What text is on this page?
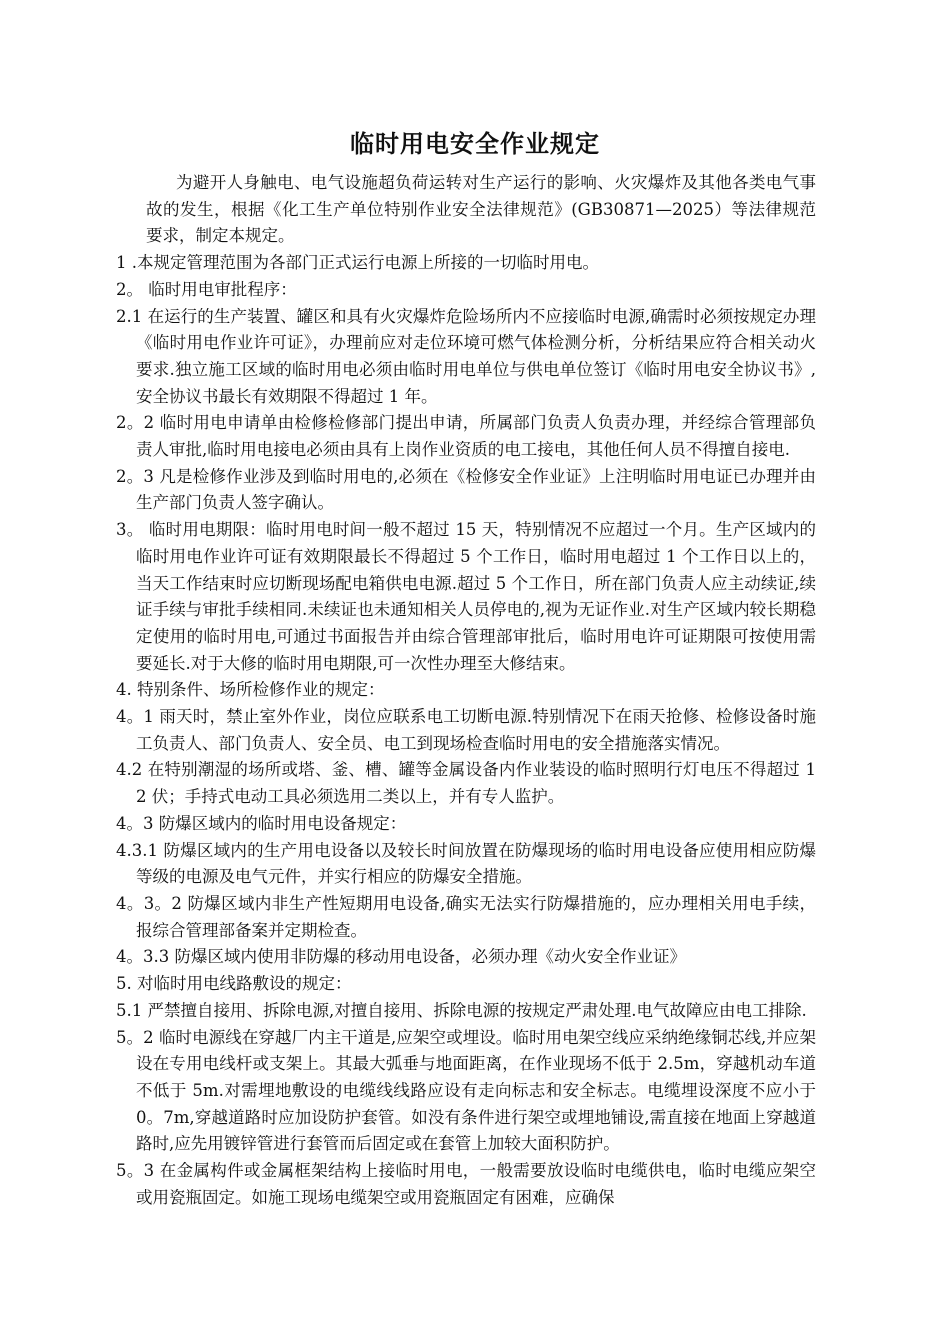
临时用电安全作业规定

为避开人身触电、电气设施超负荷运转对生产运行的影响、火灾爆炸及其他各类电气事故的发生，根据《化工生产单位特别作业安全法律规范》(GB30871—2025）等法律规范要求，制定本规定。

1 .本规定管理范围为各部门正式运行电源上所接的一切临时用电。

2。 临时用电审批程序：

2.1 在运行的生产装置、罐区和具有火灾爆炸危险场所内不应接临时电源,确需时必须按规定办理《临时用电作业许可证》，办理前应对走位环境可燃气体检测分析，分析结果应符合相关动火要求.独立施工区域的临时用电必须由临时用电单位与供电单位签订《临时用电安全协议书》,安全协议书最长有效期限不得超过 1 年。

2。2 临时用电申请单由检修检修部门提出申请，所属部门负责人负责办理，并经综合管理部负责人审批,临时用电接电必须由具有上岗作业资质的电工接电，其他任何人员不得擅自接电.

2。3 凡是检修作业涉及到临时用电的,必须在《检修安全作业证》上注明临时用电证已办理并由生产部门负责人签字确认。

3。 临时用电期限：临时用电时间一般不超过 15 天，特别情况不应超过一个月。生产区域内的临时用电作业许可证有效期限最长不得超过 5 个工作日，临时用电超过 1 个工作日以上的，当天工作结束时应切断现场配电箱供电电源.超过 5 个工作日，所在部门负责人应主动续证,续证手续与审批手续相同.未续证也未通知相关人员停电的,视为无证作业.对生产区域内较长期稳定使用的临时用电,可通过书面报告并由综合管理部审批后，临时用电许可证期限可按使用需要延长.对于大修的临时用电期限,可一次性办理至大修结束。

4. 特别条件、场所检修作业的规定：

4。1 雨天时，禁止室外作业，岗位应联系电工切断电源.特别情况下在雨天抢修、检修设备时施工负责人、部门负责人、安全员、电工到现场检查临时用电的安全措施落实情况。

4.2 在特别潮湿的场所或塔、釜、槽、罐等金属设备内作业装设的临时照明行灯电压不得超过 12 伏；手持式电动工具必须选用二类以上，并有专人监护。

4。3 防爆区域内的临时用电设备规定：

4.3.1 防爆区域内的生产用电设备以及较长时间放置在防爆现场的临时用电设备应使用相应防爆等级的电源及电气元件，并实行相应的防爆安全措施。

4。3。2 防爆区域内非生产性短期用电设备,确实无法实行防爆措施的，应办理相关用电手续，报综合管理部备案并定期检查。

4。3.3 防爆区域内使用非防爆的移动用电设备，必须办理《动火安全作业证》

5. 对临时用电线路敷设的规定：

5.1 严禁擅自接用、拆除电源,对擅自接用、拆除电源的按规定严肃处理.电气故障应由电工排除.

5。2 临时电源线在穿越厂内主干道是,应架空或埋设。临时用电架空线应采纳绝缘铜芯线,并应架设在专用电线杆或支架上。其最大弧垂与地面距离，在作业现场不低于 2.5m，穿越机动车道不低于 5m.对需埋地敷设的电缆线线路应设有走向标志和安全标志。电缆埋设深度不应小于 0。7m,穿越道路时应加设防护套管。如没有条件进行架空或埋地铺设,需直接在地面上穿越道路时,应先用镀锌管进行套管而后固定或在套管上加较大面积防护。

5。3 在金属构件或金属框架结构上接临时用电，一般需要放设临时电缆供电，临时电缆应架空或用瓷瓶固定。如施工现场电缆架空或用瓷瓶固定有困难，应确保
